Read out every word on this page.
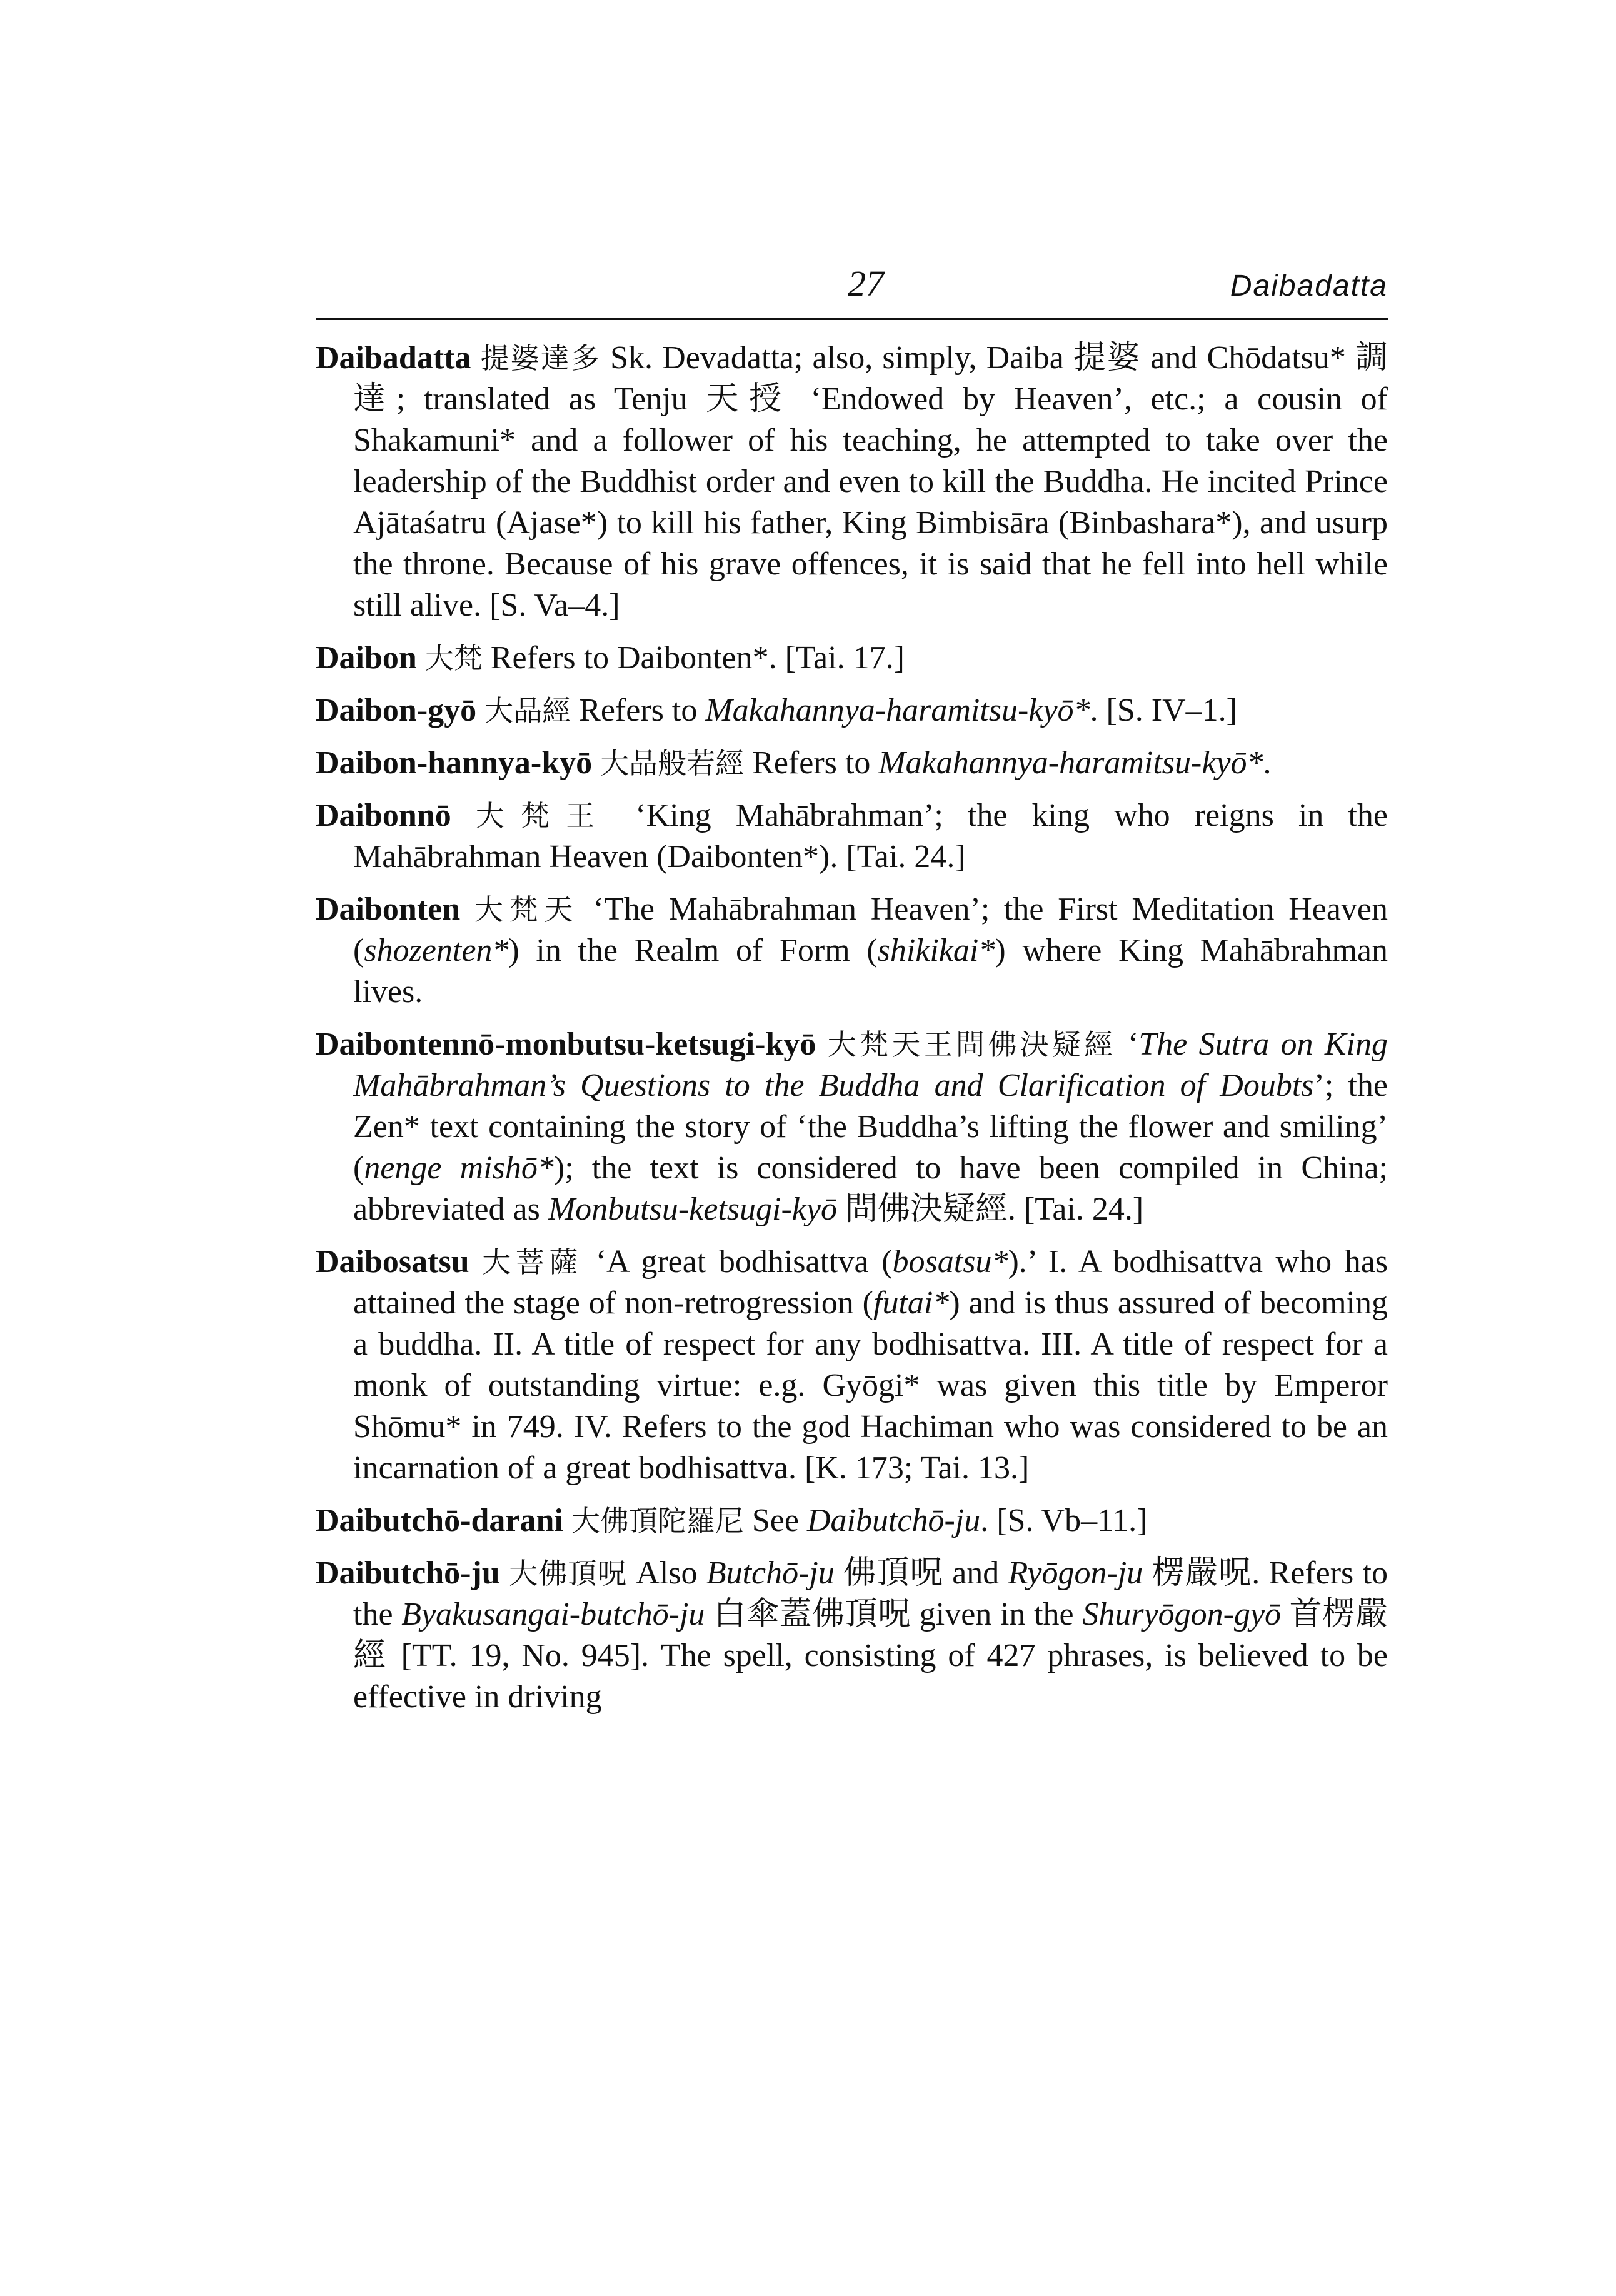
27	Daibadatta

Daibadatta 提婆達多 Sk. Devadatta; also, simply, Daiba 提婆 and Chōdatsu* 調達; translated as Tenju 天授 ‘Endowed by Heaven’, etc.; a cousin of Shakamuni* and a follower of his teaching, he attempted to take over the leadership of the Buddhist order and even to kill the Buddha. He incited Prince Ajātaśatru (Ajase*) to kill his father, King Bimbisāra (Binbashara*), and usurp the throne. Because of his grave offences, it is said that he fell into hell while still alive. [S. Va–4.]

Daibon 大梵 Refers to Daibonten*. [Tai. 17.]

Daibon-gyō 大品經 Refers to Makahannya-haramitsu-kyō*. [S. IV–1.]

Daibon-hannya-kyō 大品般若經 Refers to Makahannya-haramitsu-kyō*.

Daibonnō 大梵王 ‘King Mahābrahman’; the king who reigns in the Mahābrahman Heaven (Daibonten*). [Tai. 24.]

Daibonten 大梵天 ‘The Mahābrahman Heaven’; the First Meditation Heaven (shozenten*) in the Realm of Form (shikikai*) where King Mahābrahman lives.

Daibontennō-monbutsu-ketsugi-kyō 大梵天王問佛決疑經 ‘The Sutra on King Mahābrahman’s Questions to the Buddha and Clarification of Doubts’; the Zen* text containing the story of ‘the Buddha’s lifting the flower and smiling’ (nenge mishō*); the text is considered to have been compiled in China; abbreviated as Monbutsu-ketsugi-kyō 問佛決疑經. [Tai. 24.]

Daibosatsu 大菩薩 ‘A great bodhisattva (bosatsu*).’ I. A bodhisattva who has attained the stage of non-retrogression (futai*) and is thus assured of becoming a buddha. II. A title of respect for any bodhisattva. III. A title of respect for a monk of outstanding virtue: e.g. Gyōgi* was given this title by Emperor Shōmu* in 749. IV. Refers to the god Hachiman who was considered to be an incarnation of a great bodhisattva. [K. 173; Tai. 13.]

Daibutchō-darani 大佛頂陀羅尼 See Daibutchō-ju. [S. Vb–11.]

Daibutchō-ju 大佛頂呪 Also Butchō-ju 佛頂呪 and Ryōgon-ju 楞嚴呪. Refers to the Byakusangai-butchō-ju 白傘蓋佛頂呪 given in the Shuryōgon-gyō 首楞嚴經 [TT. 19, No. 945]. The spell, consisting of 427 phrases, is believed to be effective in driving
